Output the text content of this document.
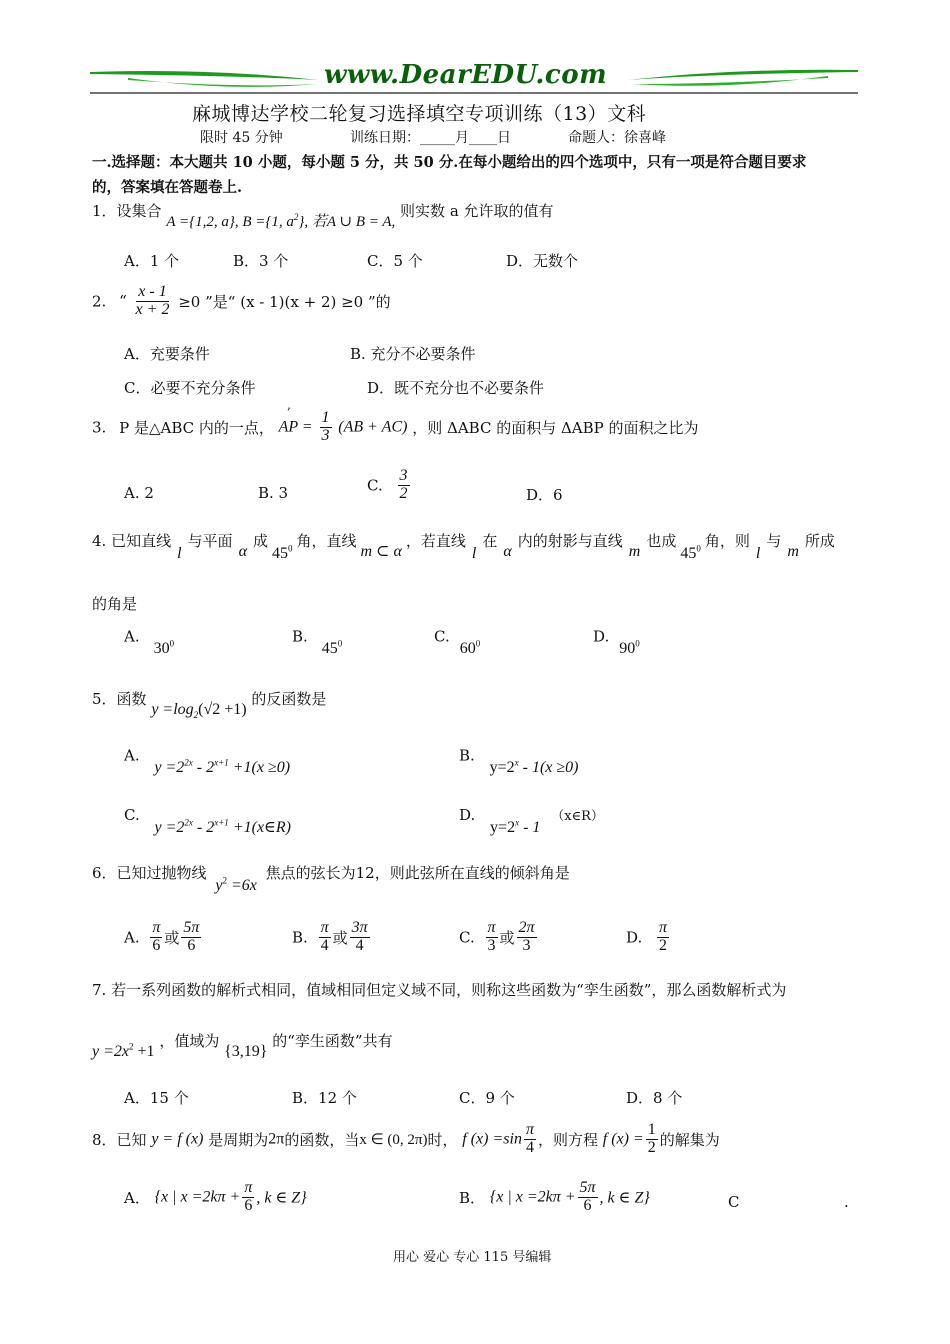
www.DearEDU.com
麻城博达学校二轮复习选择填空专项训练（13）文科
限时 45 分钟	训练日期：_____月____日	命题人：徐喜峰
一.选择题：本大题共 10 小题，每小题 5 分，共 50 分.在每小题给出的四个选项中，只有一项是符合题目要求
的，答案填在答题卷上.
1．设集合 A ={1,2, a}, B ={1, $a^2$}, 若A ∪ B = A, 则实数 a 允许取的值有
A．1 个	B．3 个	C．5 个	D．无数个
2. “ $\frac{x - 1}{x + 2} \ge 0$ ”是“ (x - 1)(x + 2) ≥0 ”的
A．充要条件	B. 充分不必要条件
C．必要不充分条件	D．既不充分也不必要条件
‚
3. P 是△ABC 内的一点， AP = $\frac{1}{3} (AB + AC)$ ，则 ΔABC 的面积与 ΔABP 的面积之比为
A. 2	B. 3	C. $\frac{3}{2}$	D．6
4. 已知直线l与平面α成$45^0$ 角，直线m ⊂ α，若直线l在α内的射影与直线m也成$45^0$ 角，则l与m所成
的角是
$A.30^0$	$B.45^0$	$C.60^0$	$D.90^0$
5．函数 $y =\log_2(√2 +1)$ 的反函数是
A. $y =2^{2x} - 2^{x+1} +1(x \ge 0)$
B. $y=2^x - 1(x \ge 0)$
C. $y =2^{2x} - 2^{x+1}$ +1(x∈R)
D. $y=2^x - 1$ （x∈R）
6．已知过抛物线 $y^2 =6x$ 焦点的弦长为12，则此弦所在直线的倾斜角是
A. $\frac{\pi}{6}$ 或 $\frac{5\pi}{6}$	B. $\frac{\pi}{4}$ 或 $\frac{3\pi}{4}$	C. $\frac{\pi}{3}$ 或 $\frac{2\pi}{3}$	D. $\frac{\pi}{2}$
7. 若一系列函数的解析式相同，值域相同但定义域不同，则称这些函数为“孪生函数”，那么函数解析式为
$y =2x^2 +1$ ，值域为 {3,19} 的“孪生函数”共有
A．15 个	B．12 个	C．9 个	D．8 个
8．已知 y = f (x) 是周期为2π的函数，当x ∈ (0, 2π)时， f $(x) =\sin \frac{\pi}{4}$ ，则方程 f $(x) = \frac{1}{2}$ 的解集为
A． {x | $x =2k\pi + \frac{\pi}{6}$ , k ∈ Z}	B． {x | $x =2k\pi + \frac{5\pi}{6}$ , k ∈ Z}	C	.
用心 爱心 专心 115 号编辑
